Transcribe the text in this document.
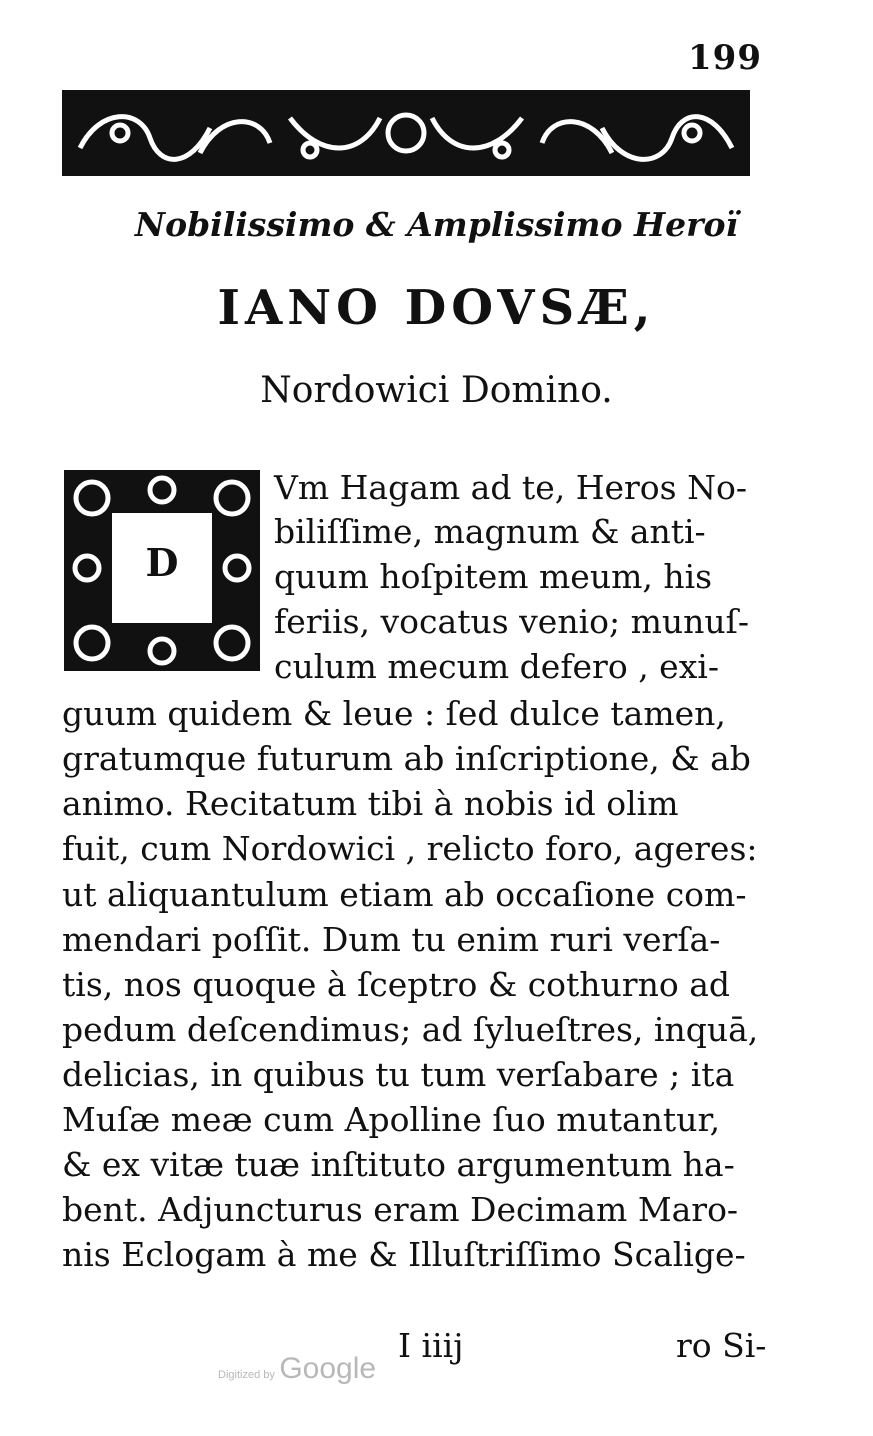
199
Nobilissimo & Amplissimo Heroï
IANO DOVSÆ,
Nordowici Domino.
D
Vm Hagam ad te, Heros No-
biliſſime, magnum & anti-
quum hoſpitem meum, his
feriis, vocatus venio; munuſ-
culum mecum defero , exi-
guum quidem & leue : ſed dulce tamen,
gratumque futurum ab inſcriptione, & ab
animo. Recitatum tibi à nobis id olim
fuit, cum Nordowici , relicto foro, ageres:
ut aliquantulum etiam ab occaſione com-
mendari poſſit. Dum tu enim ruri verſa-
tis, nos quoque à ſceptro & cothurno ad
pedum deſcendimus; ad ſylueſtres, inquā,
delicias, in quibus tu tum verſabare ; ita
Muſæ meæ cum Apolline ſuo mutantur,
& ex vitæ tuæ inſtituto argumentum ha-
bent. Adjuncturus eram Decimam Maro-
nis Eclogam à me & Illuſtriſſimo Scalige-
I iiij	ro Si-
Digitized by Google
